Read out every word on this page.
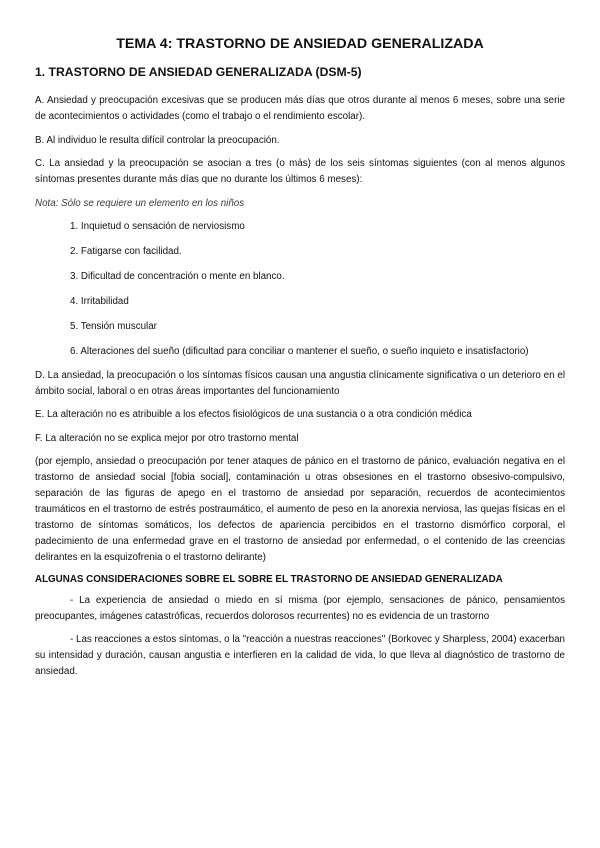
TEMA 4: TRASTORNO DE ANSIEDAD GENERALIZADA
1. TRASTORNO DE ANSIEDAD GENERALIZADA (DSM-5)

A. Ansiedad y preocupación excesivas que se producen más días que otros durante al menos 6 meses, sobre una serie de acontecimientos o actividades (como el trabajo o el rendimiento escolar).

B. Al individuo le resulta difícil controlar la preocupación.

C. La ansiedad y la preocupación se asocian a tres (o más) de los seis síntomas siguientes (con al menos algunos síntomas presentes durante más días que no durante los últimos 6 meses):

Nota: Sólo se requiere un elemento en los niños

1. Inquietud o sensación de nerviosismo

2. Fatigarse con facilidad.

3. Dificultad de concentración o mente en blanco.

4. Irritabilidad

5. Tensión muscular

6. Alteraciones del sueño (dificultad para conciliar o mantener el sueño, o sueño inquieto e insatisfactorio)

D. La ansiedad, la preocupación o los síntomas físicos causan una angustia clínicamente significativa o un deterioro en el ámbito social, laboral o en otras áreas importantes del funcionamiento

E. La alteración no es atribuible a los efectos fisiológicos de una sustancia o a otra condición médica

F. La alteración no se explica mejor por otro trastorno mental

(por ejemplo, ansiedad o preocupación por tener ataques de pánico en el trastorno de pánico, evaluación negativa en el trastorno de ansiedad social [fobia social], contaminación u otras obsesiones en el trastorno obsesivo-compulsivo, separación de las figuras de apego en el trastorno de ansiedad por separación, recuerdos de acontecimientos traumáticos en el trastorno de estrés postraumático, el aumento de peso en la anorexia nerviosa, las quejas físicas en el trastorno de síntomas somáticos, los defectos de apariencia percibidos en el trastorno dismórfico corporal, el padecimiento de una enfermedad grave en el trastorno de ansiedad por enfermedad, o el contenido de las creencias delirantes en la esquizofrenia o el trastorno delirante)

ALGUNAS CONSIDERACIONES SOBRE EL SOBRE EL TRASTORNO DE ANSIEDAD GENERALIZADA

- La experiencia de ansiedad o miedo en sí misma (por ejemplo, sensaciones de pánico, pensamientos preocupantes, imágenes catastróficas, recuerdos dolorosos recurrentes) no es evidencia de un trastorno

- Las reacciones a estos síntomas, o la "reacción a nuestras reacciones" (Borkovec y Sharpless, 2004) exacerban su intensidad y duración, causan angustia e interfieren en la calidad de vida, lo que lleva al diagnóstico de trastorno de ansiedad.
